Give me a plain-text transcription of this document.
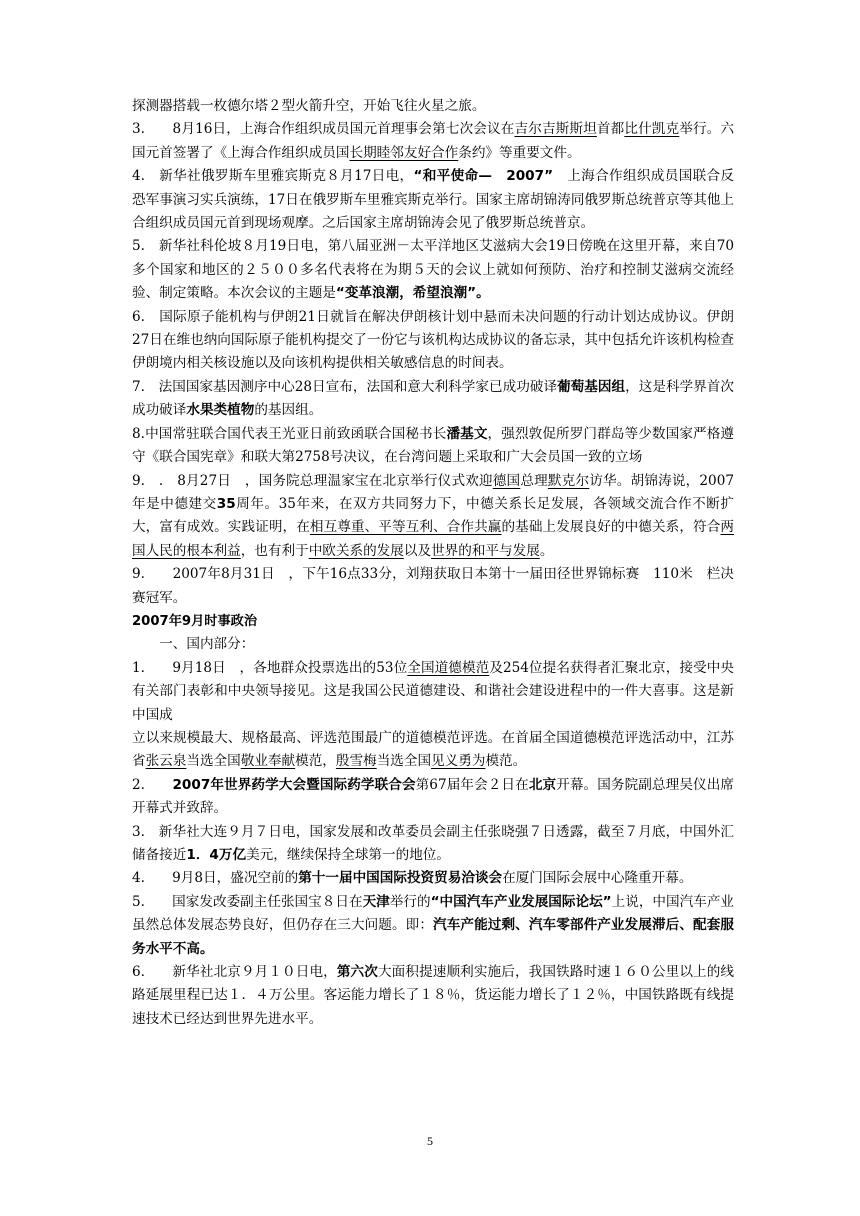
探测器搭载一枚德尔塔２型火箭升空，开始飞往火星之旅。

3.　　8月16日，上海合作组织成员国元首理事会第七次会议在吉尔吉斯斯坦首都比什凯克举行。六国元首签署了《上海合作组织成员国长期睦邻友好合作条约》等重要文件。

4.　新华社俄罗斯车里雅宾斯克８月17日电，“和平使命—　2007”　上海合作组织成员国联合反恐军事演习实兵演练，17日在俄罗斯车里雅宾斯克举行。国家主席胡锦涛同俄罗斯总统普京等其他上合组织成员国元首到现场观摩。之后国家主席胡锦涛会见了俄罗斯总统普京。

5.　新华社科伦坡８月19日电，第八届亚洲－太平洋地区艾滋病大会19日傍晚在这里开幕，来自70多个国家和地区的２５００多名代表将在为期５天的会议上就如何预防、治疗和控制艾滋病交流经验、制定策略。本次会议的主题是“变革浪潮，希望浪潮”。

6.　国际原子能机构与伊朗21日就旨在解决伊朗核计划中悬而未决问题的行动计划达成协议。伊朗27日在维也纳向国际原子能机构提交了一份它与该机构达成协议的备忘录，其中包括允许该机构检查伊朗境内相关核设施以及向该机构提供相关敏感信息的时间表。

7.　法国国家基因测序中心28日宣布，法国和意大利科学家已成功破译葡萄基因组，这是科学界首次成功破译水果类植物的基因组。

8.中国常驻联合国代表王光亚日前致函联合国秘书长潘基文，强烈敦促所罗门群岛等少数国家严格遵守《联合国宪章》和联大第2758号决议，在台湾问题上采取和广大会员国一致的立场

9.　.　8月27日　，国务院总理温家宝在北京举行仪式欢迎德国总理默克尔访华。胡锦涛说，2007年是中德建交35周年。35年来，在双方共同努力下，中德关系长足发展，各领域交流合作不断扩大，富有成效。实践证明，在相互尊重、平等互利、合作共赢的基础上发展良好的中德关系，符合两国人民的根本利益，也有利于中欧关系的发展以及世界的和平与发展。

9.　　2007年8月31日　，下午16点33分，刘翔获取日本第十一届田径世界锦标赛　110米　栏决赛冠军。

2007年9月时事政治

一、国内部分：

1.　　9月18日　，各地群众投票选出的53位全国道德模范及254位提名获得者汇聚北京，接受中央有关部门表彰和中央领导接见。这是我国公民道德建设、和谐社会建设进程中的一件大喜事。这是新中国成

立以来规模最大、规格最高、评选范围最广的道德模范评选。在首届全国道德模范评选活动中，江苏省张云泉当选全国敬业奉献模范，殷雪梅当选全国见义勇为模范。

2.　　2007年世界药学大会暨国际药学联合会第67届年会２日在北京开幕。国务院副总理吴仪出席开幕式并致辞。

3.　新华社大连９月７日电，国家发展和改革委员会副主任张晓强７日透露，截至７月底，中国外汇储备接近1．4万亿美元，继续保持全球第一的地位。

4.　　9月8日，盛况空前的第十一届中国国际投资贸易洽谈会在厦门国际会展中心隆重开幕。

5.　　国家发改委副主任张国宝８日在天津举行的“中国汽车产业发展国际论坛”上说，中国汽车产业虽然总体发展态势良好，但仍存在三大问题。即：汽车产能过剩、汽车零部件产业发展滞后、配套服务水平不高。

6.　　新华社北京９月１０日电，第六次大面积提速顺利实施后，我国铁路时速１６０公里以上的线路延展里程已达１．４万公里。客运能力增长了１８％，货运能力增长了１２％，中国铁路既有线提速技术已经达到世界先进水平。

5
